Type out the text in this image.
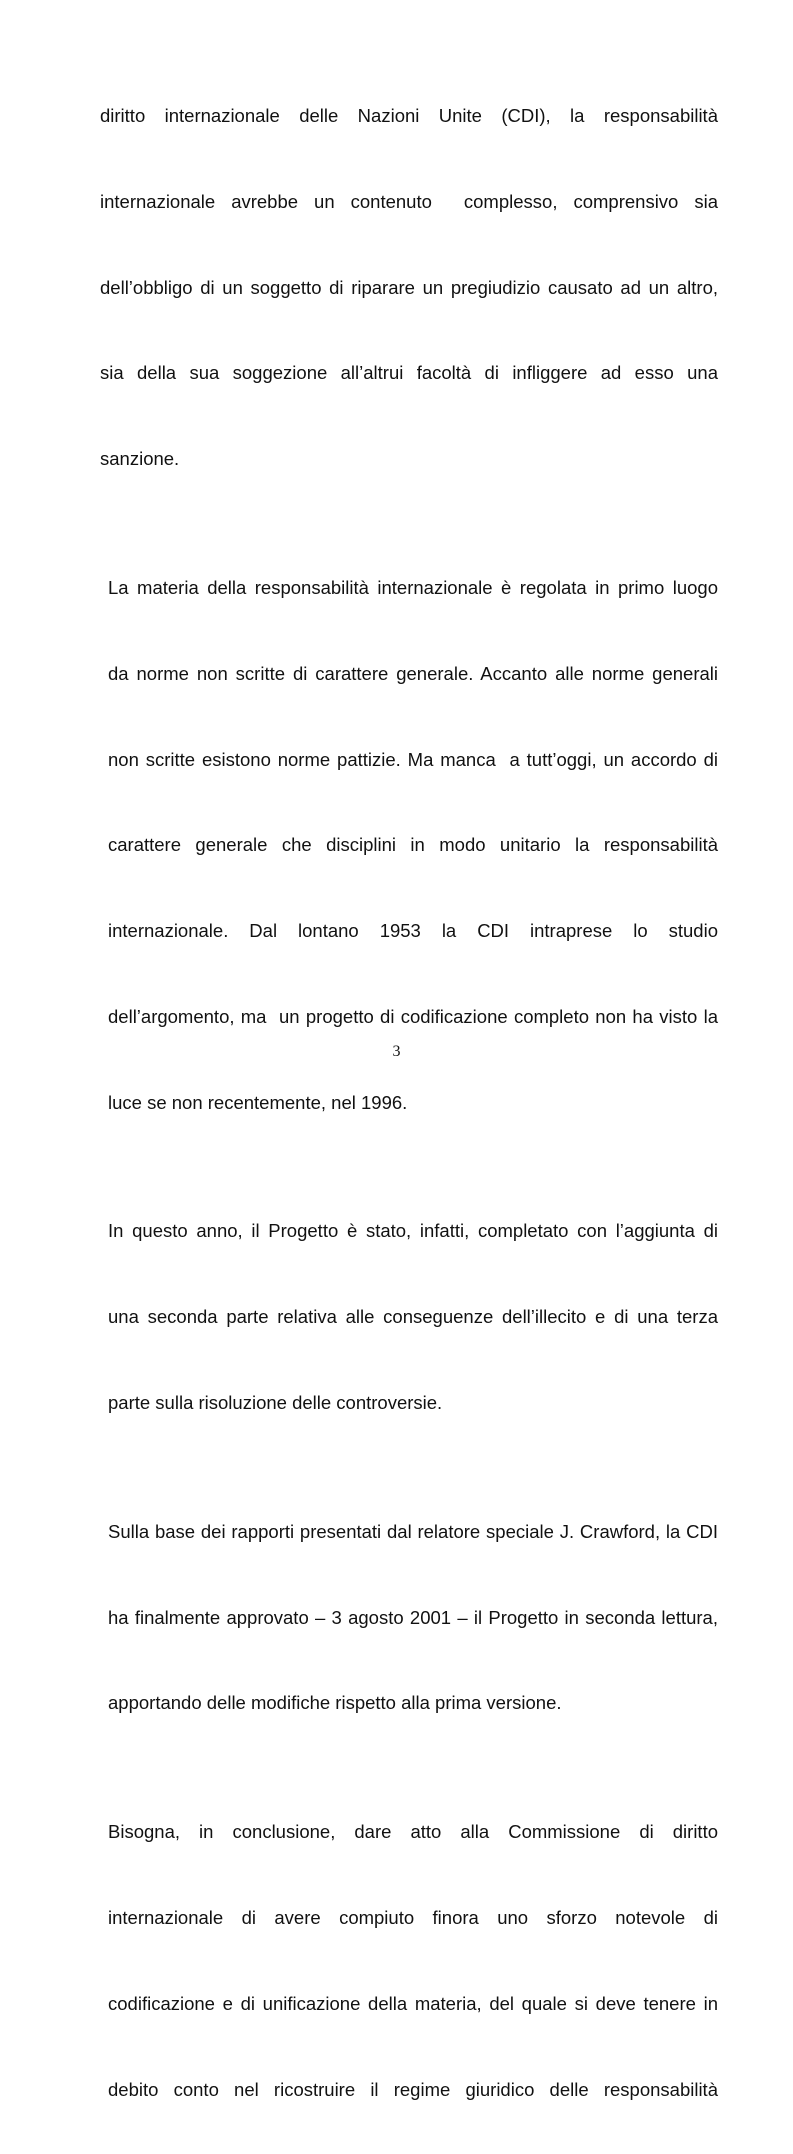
diritto internazionale delle Nazioni Unite (CDI), la responsabilità

internazionale avrebbe un contenuto  complesso, comprensivo sia

dell’obbligo di un soggetto di riparare un pregiudizio causato ad un altro,

sia della sua soggezione all’altrui facoltà di infliggere ad esso una

sanzione.

La materia della responsabilità internazionale è regolata in primo luogo

da norme non scritte di carattere generale. Accanto alle norme generali

non scritte esistono norme pattizie. Ma manca  a tutt’oggi, un accordo di

carattere generale che disciplini in modo unitario la responsabilità

internazionale. Dal lontano 1953 la CDI intraprese lo studio

dell’argomento, ma  un progetto di codificazione completo non ha visto la

luce se non recentemente, nel 1996.

In questo anno, il Progetto è stato, infatti, completato con l’aggiunta di

una seconda parte relativa alle conseguenze dell’illecito e di una terza

parte sulla risoluzione delle controversie.

Sulla base dei rapporti presentati dal relatore speciale J. Crawford, la CDI

ha finalmente approvato – 3 agosto 2001 – il Progetto in seconda lettura,

apportando delle modifiche rispetto alla prima versione.

Bisogna, in conclusione, dare atto alla Commissione di diritto

internazionale di avere compiuto finora uno sforzo notevole di

codificazione e di unificazione della materia, del quale si deve tenere in

debito conto nel ricostruire il regime giuridico delle responsabilità

3
